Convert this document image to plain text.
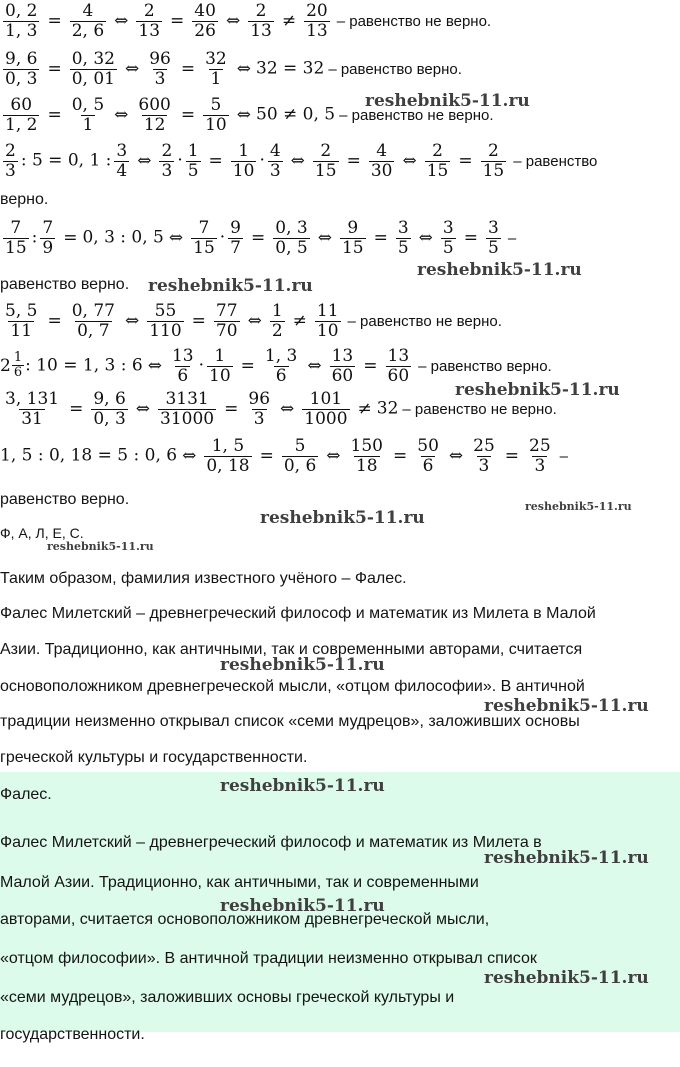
$\frac{0, 2}{1, 3} = \frac{4}{2, 6}$ ⇔ $\frac{2}{13} = \frac{40}{26}$ ⇔ $\frac{2}{13} \ne \frac{20}{13}$ – равенство не верно.
$\frac{9, 6}{0, 3} = \frac{0, 32}{0, 01}$ ⇔ $\frac{96}{3} = \frac{32}{1}$ ⇔ 32 = 32 – равенство верно.
$\frac{60}{1, 2} = \frac{0, 5}{1}$ ⇔ $\frac{600}{12} = \frac{5}{10}$ ⇔ 50 ≠ 0, 5 – равенство не верно.
$\frac{2}{3}$ : 5 = 0, 1 : $\frac{3}{4}$ ⇔ $\frac{2}{3} \cdot \frac{1}{5} = \frac{1}{10} \cdot \frac{4}{3}$ ⇔ $\frac{2}{15} = \frac{4}{30}$ ⇔ $\frac{2}{15} = \frac{2}{15}$ – равенство
верно.
$\frac{7}{15}$ : $\frac{7}{9} = 0$, 3 : 0, 5 ⇔ $\frac{7}{15} \cdot \frac{9}{7} = \frac{0, 3}{0, 5}$ ⇔ $\frac{9}{15} = \frac{3}{5}$ ⇔ $\frac{3}{5} = \frac{3}{5}$ –
равенство верно.
$\frac{5, 5}{11} = \frac{0, 77}{0, 7}$ ⇔ $\frac{55}{110} = \frac{77}{70}$ ⇔ $\frac{1}{2} \ne \frac{11}{10}$ – равенство не верно.
$2 \frac{1}{6}$ : 10 = 1, 3 : 6 ⇔ $\frac{13}{6} \cdot \frac{1}{10} = \frac{1, 3}{6}$ ⇔ $\frac{13}{60} = \frac{13}{60}$ – равенство верно.
$\frac{3, 131}{31} = \frac{9, 6}{0, 3}$ ⇔ $\frac{3131}{31000} = \frac{96}{3}$ ⇔ $\frac{101}{1000} \ne 32$ – равенство не верно.
1, 5 : 0, 18 = 5 : 0, 6 ⇔ $\frac{1, 5}{0, 18} = \frac{5}{0, 6}$ ⇔ $\frac{150}{18} = \frac{50}{6}$ ⇔ $\frac{25}{3} = \frac{25}{3}$ –
равенство верно.
Ф, А, Л, Е, С.
Таким образом, фамилия известного учёного – Фалес.
Фалес Милетский – древнегреческий философ и математик из Милета в Малой
Азии. Традиционно, как античными, так и современными авторами, считается
основоположником древнегреческой мысли, «отцом философии». В античной
традиции неизменно открывал список «семи мудрецов», заложивших основы
греческой культуры и государственности.
Фалес.
Фалес Милетский – древнегреческий философ и математик из Милета в
Малой Азии. Традиционно, как античными, так и современными
авторами, считается основоположником древнегреческой мысли,
«отцом философии». В античной традиции неизменно открывал список
«семи мудрецов», заложивших основы греческой культуры и
государственности.
reshebnik5-11.ru
reshebnik5-11.ru
reshebnik5-11.ru
reshebnik5-11.ru
reshebnik5-11.ru
reshebnik5-11.ru
reshebnik5-11.ru
reshebnik5-11.ru
reshebnik5-11.ru
reshebnik5-11.ru
reshebnik5-11.ru
reshebnik5-11.ru
reshebnik5-11.ru
